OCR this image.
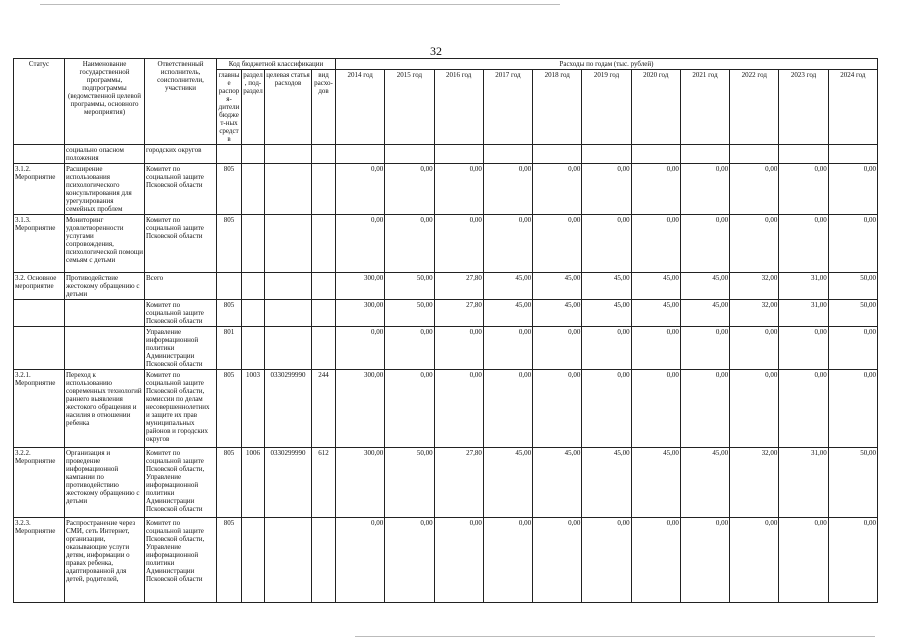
32
Статус	Наименование государственной программы, подпрограммы (ведомственной целевой программы, основного мероприятия)	Ответственный исполнитель, соисполнители, участники	Код бюджетной классификации				Расходы по годам (тыс. рублей)										
			главные распоря-дители бюджет-ных средств	раздел, под-раздел	целевая статья расходов	вид расхо-дов	2014 год	2015 год	2016 год	2017 год	2018 год	2019 год	2020 год	2021 год	2022 год	2023 год	2024 год
	социально опасном положения	городских округов															
3.1.2. Мероприятие	Расширение использования психологического консультирования для урегулирования семейных проблем	Комитет по социальной защите Псковской области	805				0,00	0,00	0,00	0,00	0,00	0,00	0,00	0,00	0,00	0,00	0,00
3.1.3. Мероприятие	Мониторинг удовлетворенности услугами сопровождения, психологической помощи семьям с детьми	Комитет по социальной защите Псковской области	805				0,00	0,00	0,00	0,00	0,00	0,00	0,00	0,00	0,00	0,00	0,00
3.2. Основное мероприятие	Противодействие жестокому обращению с детьми	Всего					300,00	50,00	27,80	45,00	45,00	45,00	45,00	45,00	32,00	31,00	50,00
		Комитет по социальной защите Псковской области	805				300,00	50,00	27,80	45,00	45,00	45,00	45,00	45,00	32,00	31,00	50,00
		Управление информационной политики Администрации Псковской области	801				0,00	0,00	0,00	0,00	0,00	0,00	0,00	0,00	0,00	0,00	0,00
3.2.1. Мероприятие	Переход к использованию современных технологий раннего выявления жестокого обращения и насилия в отношении ребенка	Комитет по социальной защите Псковской области, комиссии по делам несовершеннолетних и защите их прав муниципальных районов и городских округов	805	1003	0330299990	244	300,00	0,00	0,00	0,00	0,00	0,00	0,00	0,00	0,00	0,00	0,00
3.2.2. Мероприятие	Организация и проведение информационной кампании по противодействию жестокому обращению с детьми	Комитет по социальной защите Псковской области, Управление информационной политики Администрации Псковской области	805	1006	0330299990	612	300,00	50,00	27,80	45,00	45,00	45,00	45,00	45,00	32,00	31,00	50,00
3.2.3. Мероприятие	Распространение через СМИ, сеть Интернет, организации, оказывающие услуги детям, информации о правах ребенка, адаптированной для детей, родителей,	Комитет по социальной защите Псковской области, Управление информационной политики Администрации Псковской области	805				0,00	0,00	0,00	0,00	0,00	0,00	0,00	0,00	0,00	0,00	0,00
